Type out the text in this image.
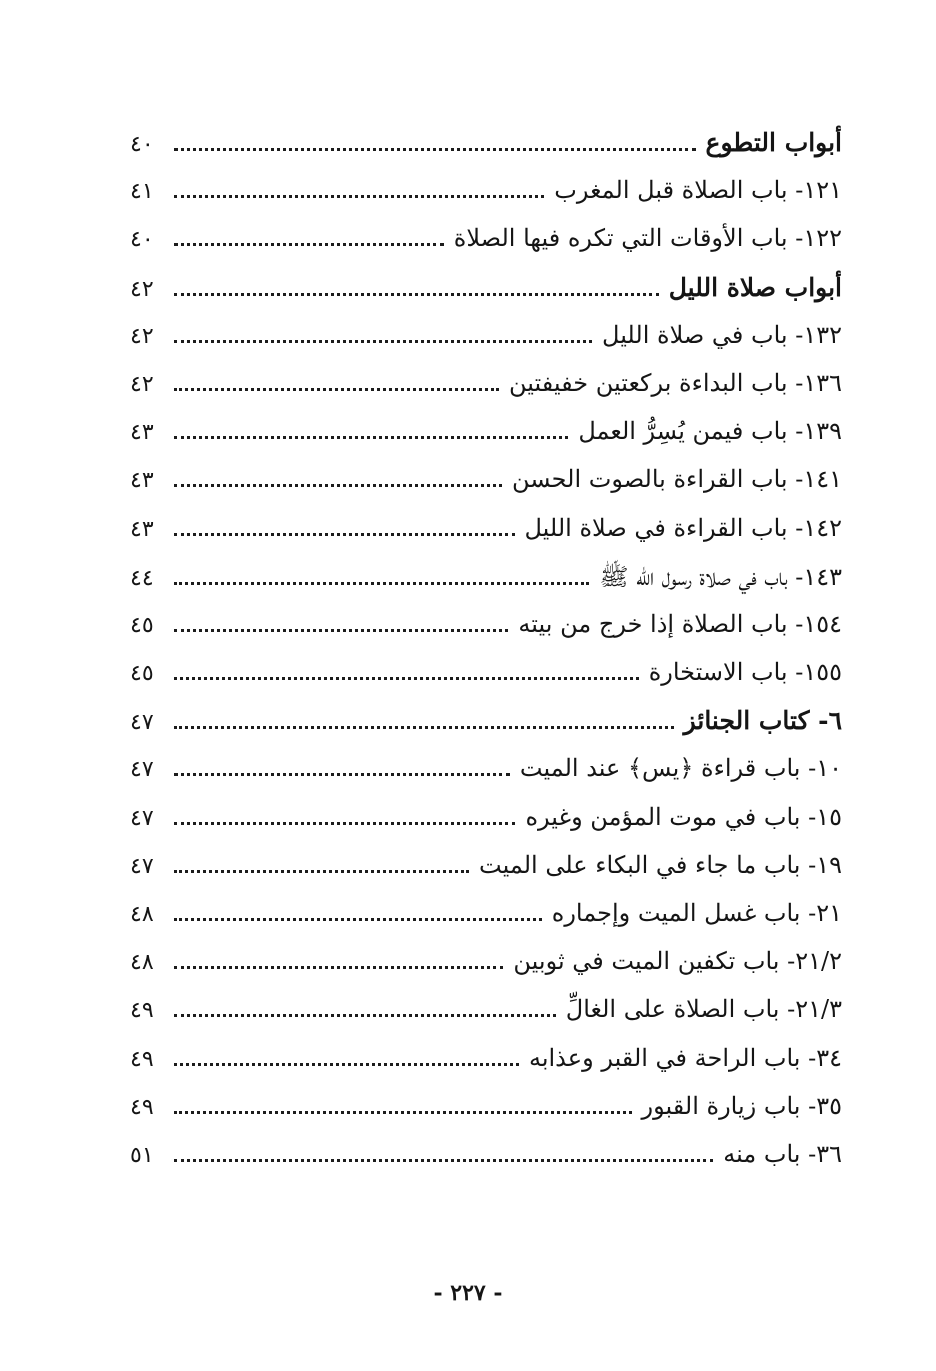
أبواب التطوع
٤٠
١٢١- باب الصلاة قبل المغرب
٤١
١٢٢- باب الأوقات التي تكره فيها الصلاة
٤٠
أبواب صلاة الليل
٤٢
١٣٢- باب في صلاة الليل
٤٢
١٣٦- باب البداءة بركعتين خفيفتين
٤٢
١٣٩- باب فيمن يُسِرُّ العمل
٤٣
١٤١- باب القراءة بالصوت الحسن
٤٣
١٤٢- باب القراءة في صلاة الليل
٤٣
١٤٣- باب في صلاة رسول الله ﷺ
٤٤
١٥٤- باب الصلاة إذا خرج من بيته
٤٥
١٥٥- باب الاستخارة
٤٥
٦- كتاب الجنائز
٤٧
١٠- باب قراءة ﴿يس﴾ عند الميت
٤٧
١٥- باب في موت المؤمن وغيره
٤٧
١٩- باب ما جاء في البكاء على الميت
٤٧
٢١- باب غسل الميت وإجماره
٤٨
٢١/٢- باب تكفين الميت في ثوبين
٤٨
٢١/٣- باب الصلاة على الغالِّ
٤٩
٣٤- باب الراحة في القبر وعذابه
٤٩
٣٥- باب زيارة القبور
٤٩
٣٦- باب منه
٥١
- ٢٢٧ -
